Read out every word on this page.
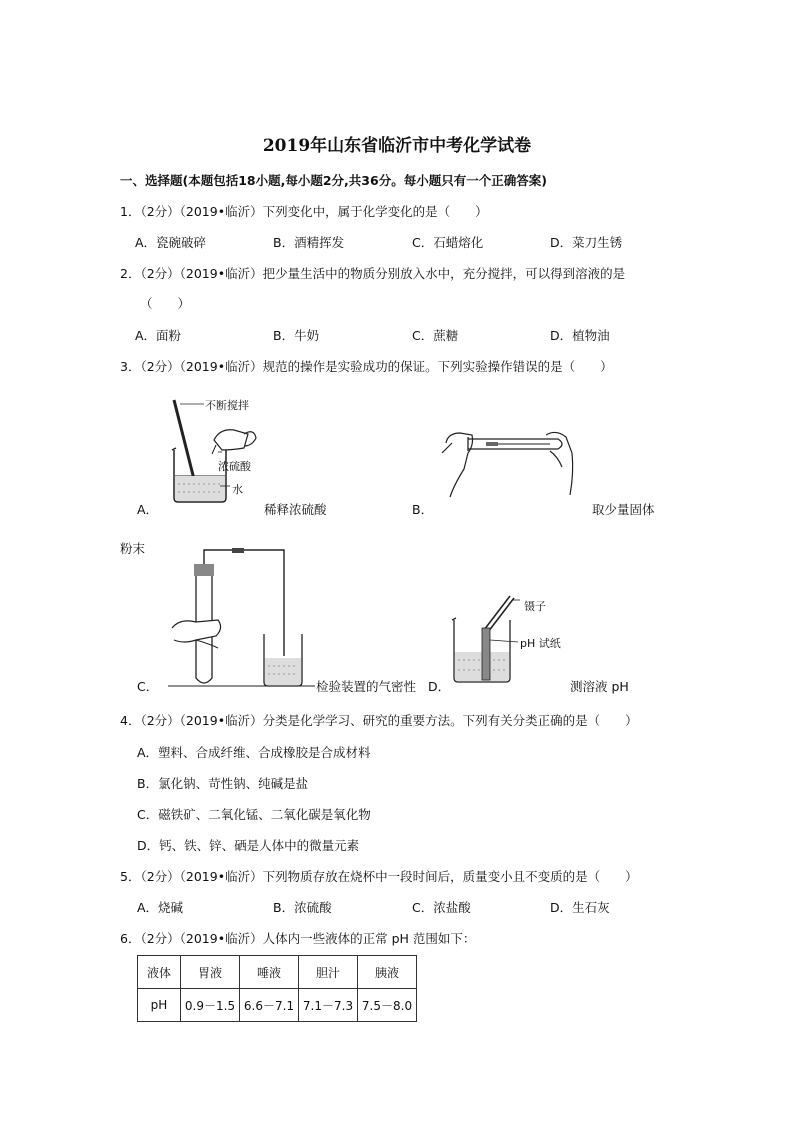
2019年山东省临沂市中考化学试卷
一、选择题(本题包括18小题,每小题2分,共36分。每小题只有一个正确答案)
1．（2分）（2019•临沂）下列变化中，属于化学变化的是（　　）
A．瓷碗破碎	B．酒精挥发	C．石蜡熔化	D．菜刀生锈
2．（2分）（2019•临沂）把少量生活中的物质分别放入水中，充分搅拌，可以得到溶液的是
（　　）
A．面粉	B．牛奶	C．蔗糖	D．植物油
3．（2分）（2019•临沂）规范的操作是实验成功的保证。下列实验操作错误的是（　　）
不断搅拌
浓硫酸
水
A．	稀释浓硫酸	B．	取少量固体
粉末
C．	检验装置的气密性 D．
镊子
pH 试纸
测溶液 pH
4．（2分）（2019•临沂）分类是化学学习、研究的重要方法。下列有关分类正确的是（　　）
A．塑料、合成纤维、合成橡胶是合成材料
B．氯化钠、苛性钠、纯碱是盐
C．磁铁矿、二氧化锰、二氧化碳是氧化物
D．钙、铁、锌、硒是人体中的微量元素
5．（2分）（2019•临沂）下列物质存放在烧杯中一段时间后，质量变小且不变质的是（　　）
A．烧碱	B．浓硫酸	C．浓盐酸	D．生石灰
6．（2分）（2019•临沂）人体内一些液体的正常 pH 范围如下：
液体	胃液	唾液	胆汁	胰液
pH	0.9－1.5	6.6－7.1	7.1－7.3	7.5－8.0
